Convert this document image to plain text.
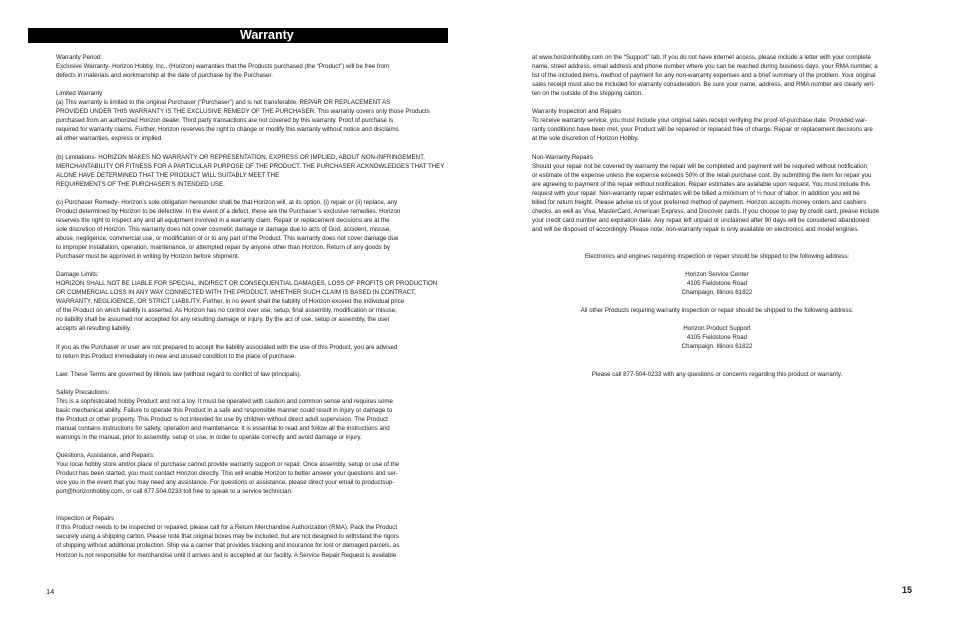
Warranty
Warranty Period:
Exclusive Warranty- Horizon Hobby, Inc., (Horizon) warranties that the Products purchased (the “Product”) will be free from
defects in materials and workmanship at the date of purchase by the Purchaser.
Limited Warranty
(a) This warranty is limited to the original Purchaser (“Purchaser”) and is not transferable. REPAIR OR REPLACEMENT AS
PROVIDED UNDER THIS WARRANTY IS THE EXCLUSIVE REMEDY OF THE PURCHASER. This warranty covers only those Products
purchased from an authorized Horizon dealer. Third party transactions are not covered by this warranty. Proof of purchase is
required for warranty claims. Further, Horizon reserves the right to change or modify this warranty without notice and disclaims
all other warranties, express or implied.
(b) Limitations- HORIZON MAKES NO WARRANTY OR REPRESENTATION, EXPRESS OR IMPLIED, ABOUT NON-INFRINGEMENT,
MERCHANTABILITY OR FITNESS FOR A PARTICULAR PURPOSE OF THE PRODUCT. THE PURCHASER ACKNOWLEDGES THAT THEY
ALONE HAVE DETERMINED THAT THE PRODUCT WILL SUITABLY MEET THE
REQUIREMENTS OF THE PURCHASER’S INTENDED USE.
(c) Purchaser Remedy- Horizon’s sole obligation hereunder shall be that Horizon will, at its option, (i) repair or (ii) replace, any
Product determined by Horizon to be defective. In the event of a defect, these are the Purchaser’s exclusive remedies. Horizon
reserves the right to inspect any and all equipment involved in a warranty claim. Repair or replacement decisions are at the
sole discretion of Horizon. This warranty does not cover cosmetic damage or damage due to acts of God, accident, misuse,
abuse, negligence, commercial use, or modification of or to any part of the Product. This warranty does not cover damage due
to improper installation, operation, maintenance, or attempted repair by anyone other than Horizon. Return of any goods by
Purchaser must be approved in writing by Horizon before shipment.
Damage Limits:
HORIZON SHALL NOT BE LIABLE FOR SPECIAL, INDIRECT OR CONSEQUENTIAL DAMAGES, LOSS OF PROFITS OR PRODUCTION
OR COMMERCIAL LOSS IN ANY WAY CONNECTED WITH THE PRODUCT, WHETHER SUCH CLAIM IS BASED IN CONTRACT,
WARRANTY, NEGLIGENCE, OR STRICT LIABILITY. Further, in no event shall the liability of Horizon exceed the individual price
of the Product on which liability is asserted. As Horizon has no control over use, setup, final assembly, modification or misuse,
no liability shall be assumed nor accepted for any resulting damage or injury. By the act of use, setup or assembly, the user
accepts all resulting liability.
If you as the Purchaser or user are not prepared to accept the liability associated with the use of this Product, you are advised
to return this Product immediately in new and unused condition to the place of purchase.
Law: These Terms are governed by Illinois law (without regard to conflict of law principals).
Safety Precautions:
This is a sophisticated hobby Product and not a toy. It must be operated with caution and common sense and requires some
basic mechanical ability. Failure to operate this Product in a safe and responsible manner could result in injury or damage to
the Product or other property. This Product is not intended for use by children without direct adult supervision. The Product
manual contains instructions for safety, operation and maintenance. It is essential to read and follow all the instructions and
warnings in the manual, prior to assembly, setup or use, in order to operate correctly and avoid damage or injury.
Questions, Assistance, and Repairs:
Your local hobby store and/or place of purchase cannot provide warranty support or repair. Once assembly, setup or use of the
Product has been started, you must contact Horizon directly. This will enable Horizon to better answer your questions and ser-
vice you in the event that you may need any assistance. For questions or assistance, please direct your email to productsup-
port@horizonhobby.com, or call 877.504.0233 toll free to speak to a service technician.
Inspection or Repairs
If this Product needs to be inspected or repaired, please call for a Return Merchandise Authorization (RMA). Pack the Product
securely using a shipping carton. Please note that original boxes may be included, but are not designed to withstand the rigors
of shipping without additional protection. Ship via a carrier that provides tracking and insurance for lost or damaged parcels, as
Horizon is not responsible for merchandise until it arrives and is accepted at our facility. A Service Repair Request is available
14
at www.horizonhobby.com on the “Support” tab. If you do not have internet access, please include a letter with your complete
name, street address, email address and phone number where you can be reached during business days, your RMA number, a
list of the included items, method of payment for any non-warranty expenses and a brief summary of the problem. Your original
sales receipt must also be included for warranty consideration. Be sure your name, address, and RMA number are clearly writ-
ten on the outside of the shipping carton.
Warranty Inspection and Repairs
To receive warranty service, you must include your original sales receipt verifying the proof-of-purchase date. Provided war-
ranty conditions have been met, your Product will be repaired or replaced free of charge. Repair or replacement decisions are
at the sole discretion of Horizon Hobby.
Non-Warranty Repairs
Should your repair not be covered by warranty the repair will be completed and payment will be required without notification
or estimate of the expense unless the expense exceeds 50% of the retail purchase cost. By submitting the item for repair you
are agreeing to payment of the repair without notification. Repair estimates are available upon request. You must include this
request with your repair. Non-warranty repair estimates will be billed a minimum of ½ hour of labor. In addition you will be
billed for return freight. Please advise us of your preferred method of payment. Horizon accepts money orders and cashiers
checks, as well as Visa, MasterCard, American Express, and Discover cards. If you choose to pay by credit card, please include
your credit card number and expiration date. Any repair left unpaid or unclaimed after 90 days will be considered abandoned
and will be disposed of accordingly. Please note: non-warranty repair is only available on electronics and model engines.
Electronics and engines requiring inspection or repair should be shipped to the following address:
Horizon Service Center
4105 Fieldstone Road
Champaign, Illinois 61822
All other Products requiring warranty inspection or repair should be shipped to the following address:
Horizon Product Support
4105 Fieldstone Road
Champaign, Illinois 61822
Please call 877-504-0233 with any questions or concerns regarding this product or warranty.
15
